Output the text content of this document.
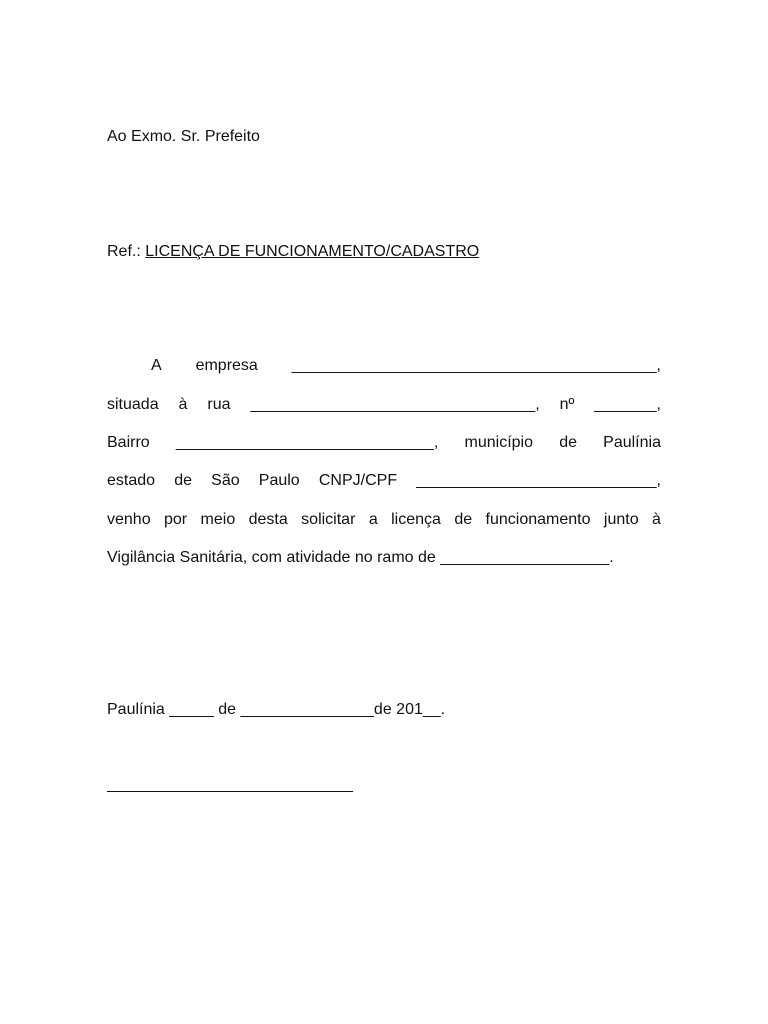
Ao Exmo. Sr. Prefeito

Ref.: LICENÇA DE FUNCIONAMENTO/CADASTRO

A empresa _________________________________________,
situada à rua ________________________________, nº _______,
Bairro _____________________________, município de Paulínia
estado de São Paulo CNPJ/CPF ___________________________,
venho por meio desta solicitar a licença de funcionamento junto à

Vigilância Sanitária, com atividade no ramo de ___________________.

Paulínia _____ de _______________de 201__.
